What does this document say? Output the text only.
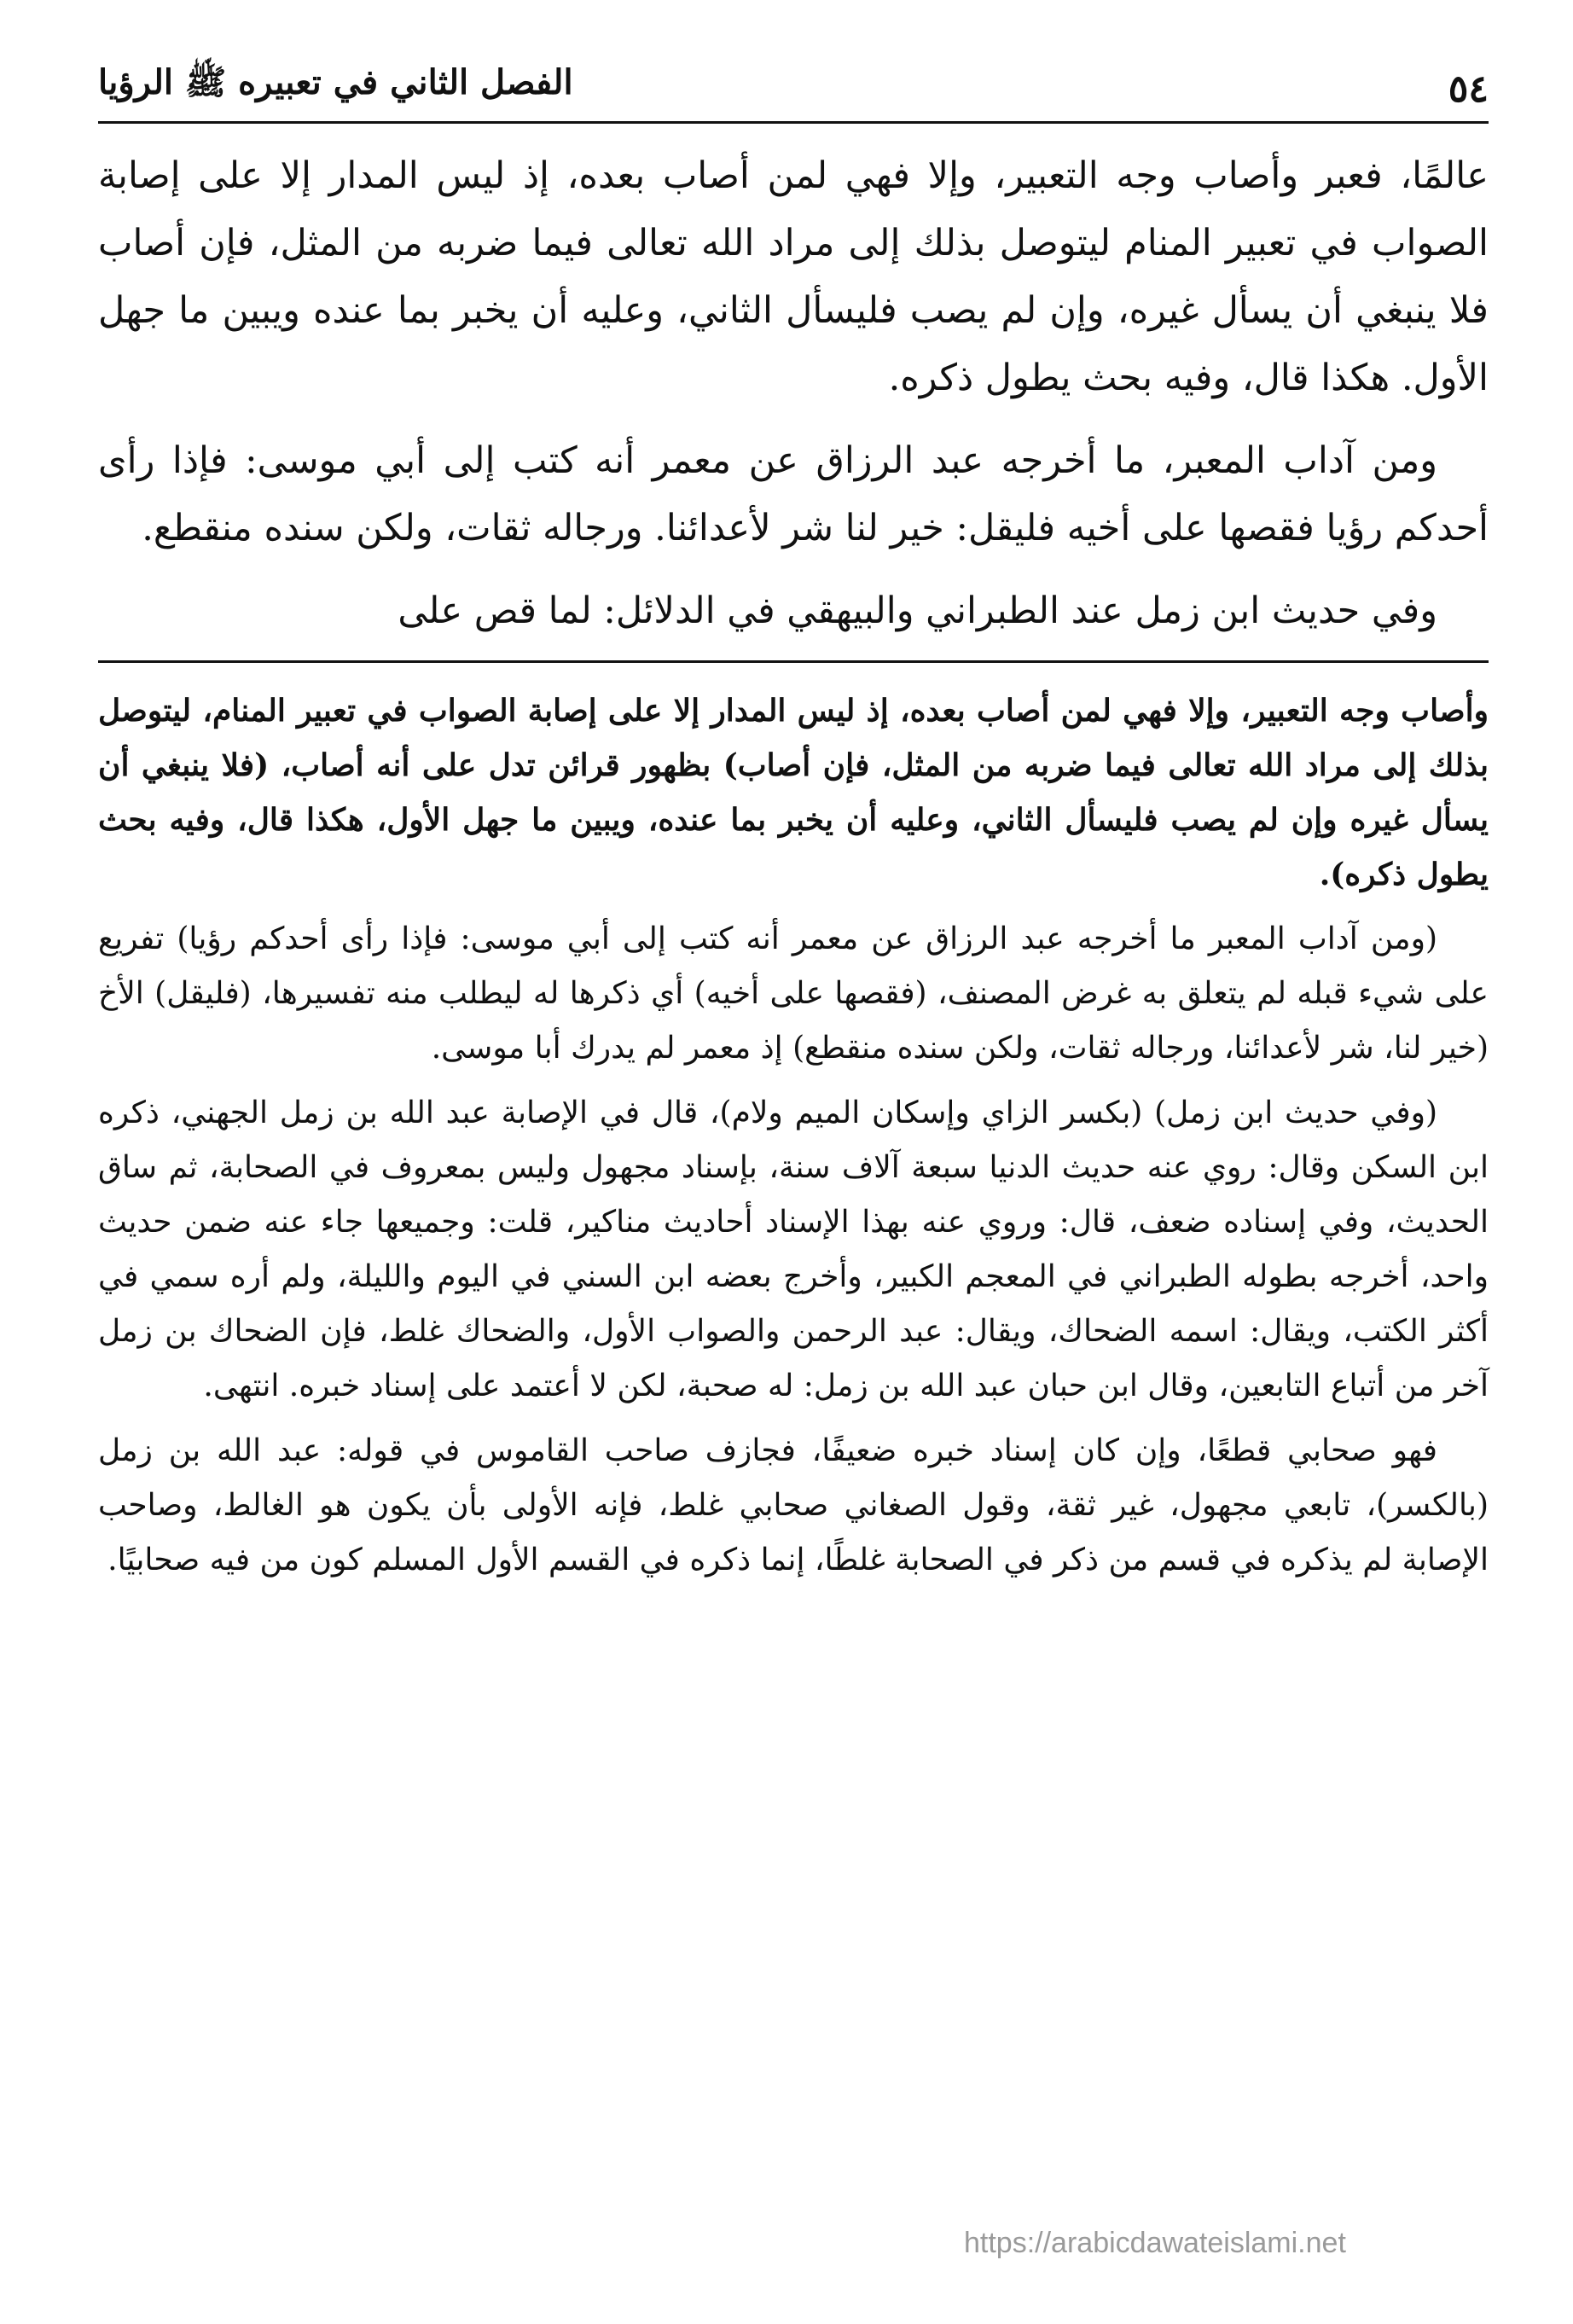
٥٤
الفصل الثاني في تعبيره ﷺ الرؤيا

عالمًا، فعبر وأصاب وجه التعبير، وإلا فهي لمن أصاب بعده، إذ ليس المدار إلا على إصابة الصواب في تعبير المنام ليتوصل بذلك إلى مراد الله تعالى فيما ضربه من المثل، فإن أصاب فلا ينبغي أن يسأل غيره، وإن لم يصب فليسأل الثاني، وعليه أن يخبر بما عنده ويبين ما جهل الأول. هكذا قال، وفيه بحث يطول ذكره.

ومن آداب المعبر، ما أخرجه عبد الرزاق عن معمر أنه كتب إلى أبي موسى: فإذا رأى أحدكم رؤيا فقصها على أخيه فليقل: خير لنا شر لأعدائنا. ورجاله ثقات، ولكن سنده منقطع.

وفي حديث ابن زمل عند الطبراني والبيهقي في الدلائل: لما قص على

وأصاب وجه التعبير، وإلا فهي لمن أصاب بعده، إذ ليس المدار إلا على إصابة الصواب في تعبير المنام، ليتوصل بذلك إلى مراد الله تعالى فيما ضربه من المثل، فإن أصاب) بظهور قرائن تدل على أنه أصاب، (فلا ينبغي أن يسأل غيره وإن لم يصب فليسأل الثاني، وعليه أن يخبر بما عنده، ويبين ما جهل الأول، هكذا قال، وفيه بحث يطول ذكره).

(ومن آداب المعبر ما أخرجه عبد الرزاق عن معمر أنه كتب إلى أبي موسى: فإذا رأى أحدكم رؤيا) تفريع على شيء قبله لم يتعلق به غرض المصنف، (فقصها على أخيه) أي ذكرها له ليطلب منه تفسيرها، (فليقل) الأخ (خير لنا، شر لأعدائنا، ورجاله ثقات، ولكن سنده منقطع) إذ معمر لم يدرك أبا موسى.

(وفي حديث ابن زمل) (بكسر الزاي وإسكان الميم ولام)، قال في الإصابة عبد الله بن زمل الجهني، ذكره ابن السكن وقال: روي عنه حديث الدنيا سبعة آلاف سنة، بإسناد مجهول وليس بمعروف في الصحابة، ثم ساق الحديث، وفي إسناده ضعف، قال: وروي عنه بهذا الإسناد أحاديث مناكير، قلت: وجميعها جاء عنه ضمن حديث واحد، أخرجه بطوله الطبراني في المعجم الكبير، وأخرج بعضه ابن السني في اليوم والليلة، ولم أره سمي في أكثر الكتب، ويقال: اسمه الضحاك، ويقال: عبد الرحمن والصواب الأول، والضحاك غلط، فإن الضحاك بن زمل آخر من أتباع التابعين، وقال ابن حبان عبد الله بن زمل: له صحبة، لكن لا أعتمد على إسناد خبره. انتهى.

فهو صحابي قطعًا، وإن كان إسناد خبره ضعيفًا، فجازف صاحب القاموس في قوله: عبد الله بن زمل (بالكسر)، تابعي مجهول، غير ثقة، وقول الصغاني صحابي غلط، فإنه الأولى بأن يكون هو الغالط، وصاحب الإصابة لم يذكره في قسم من ذكر في الصحابة غلطًا، إنما ذكره في القسم الأول المسلم كون من فيه صحابيًا.

https://arabicdawateislami.net
